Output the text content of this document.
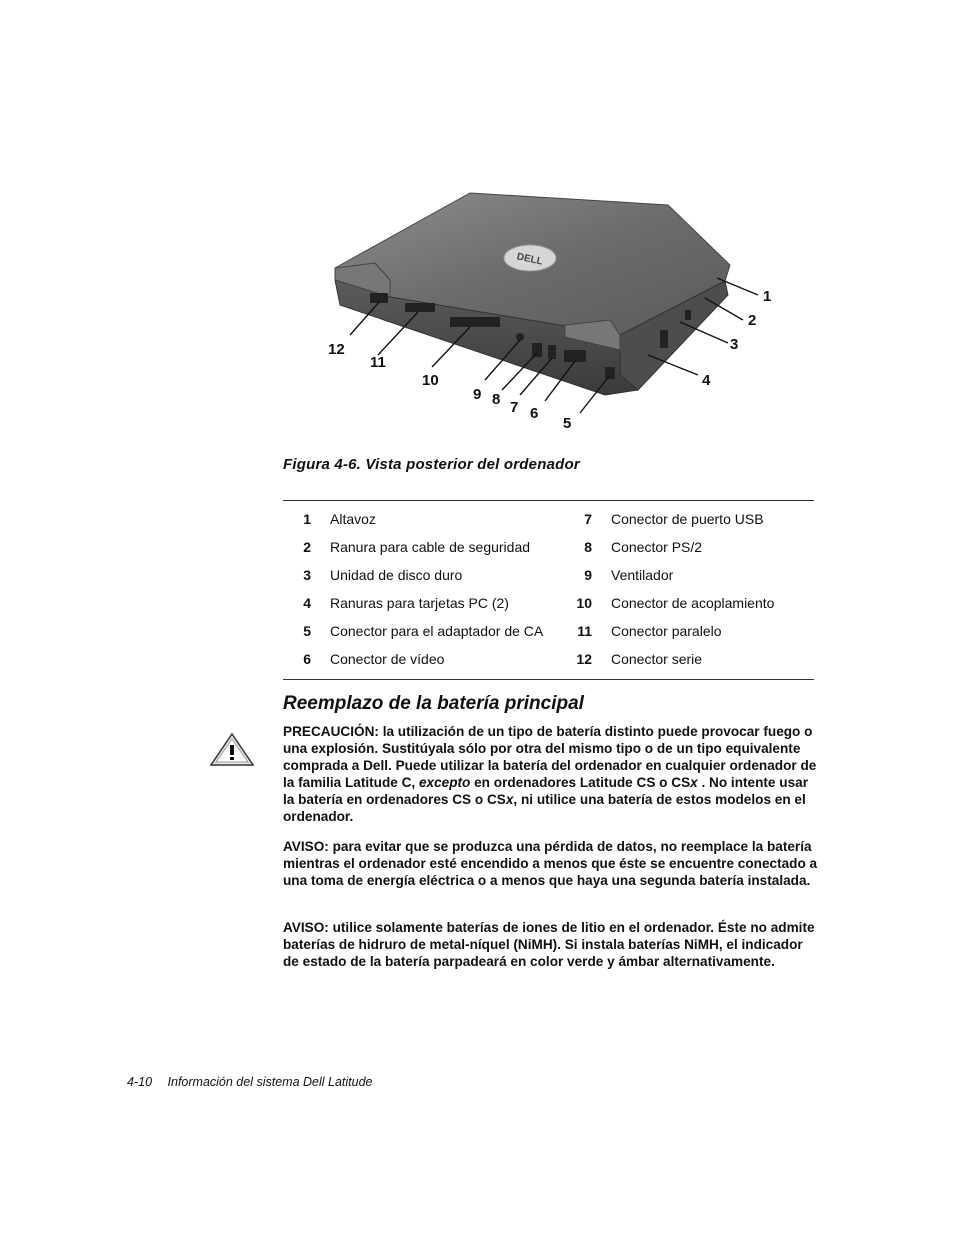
DELL
1
2
3
4
5
6
7
8
9
10
11
12
Figura 4-6. Vista posterior del ordenador
1	Altavoz	7	Conector de puerto USB
2	Ranura para cable de seguridad	8	Conector PS/2
3	Unidad de disco duro	9	Ventilador
4	Ranuras para tarjetas PC (2)	10	Conector de acoplamiento
5	Conector para el adaptador de CA	11	Conector paralelo
6	Conector de vídeo	12	Conector serie
Reemplazo de la batería principal

PRECAUCIÓN: la utilización de un tipo de batería distinto puede provocar fuego o una explosión. Sustitúyala sólo por otra del mismo tipo o de un tipo equivalente comprada a Dell. Puede utilizar la batería del ordenador en cualquier ordenador de la familia Latitude C, excepto en ordenadores Latitude CS o CSx . No intente usar la batería en ordenadores CS o CSx, ni utilice una batería de estos modelos en el ordenador.

AVISO: para evitar que se produzca una pérdida de datos, no reemplace la batería mientras el ordenador esté encendido a menos que éste se encuentre conectado a una toma de energía eléctrica o a menos que haya una segunda batería instalada.

AVISO: utilice solamente baterías de iones de litio en el ordenador. Éste no admite baterías de hidruro de metal-níquel (NiMH). Si instala baterías NiMH, el indicador de estado de la batería parpadeará en color verde y ámbar alternativamente.

4-10 Información del sistema Dell Latitude
